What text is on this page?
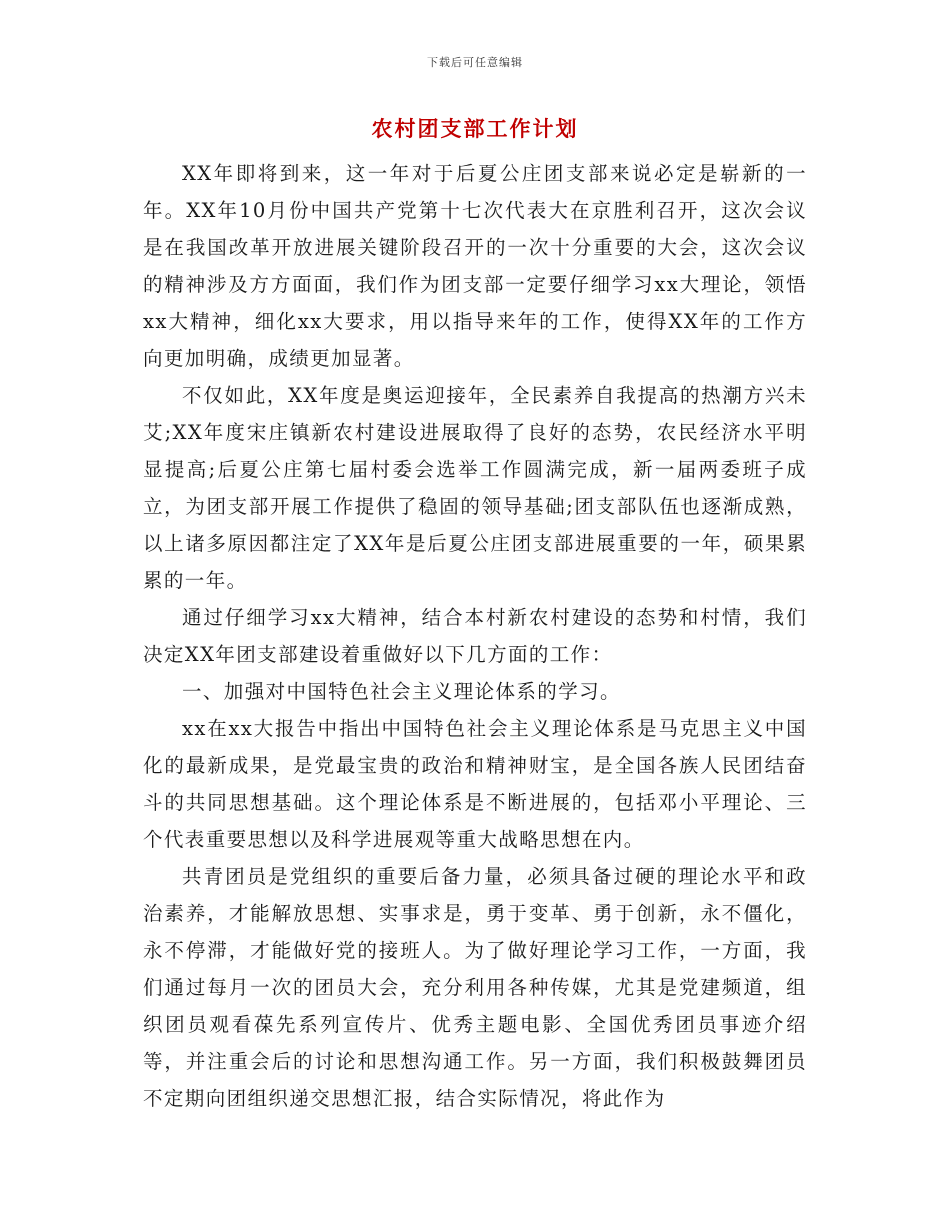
下载后可任意编辑
农村团支部工作计划

XX年即将到来，这一年对于后夏公庄团支部来说必定是崭新的一年。XX年10月份中国共产党第十七次代表大在京胜利召开，这次会议是在我国改革开放进展关键阶段召开的一次十分重要的大会，这次会议的精神涉及方方面面，我们作为团支部一定要仔细学习xx大理论，领悟xx大精神，细化xx大要求，用以指导来年的工作，使得XX年的工作方向更加明确，成绩更加显著。

不仅如此，XX年度是奥运迎接年，全民素养自我提高的热潮方兴未艾;XX年度宋庄镇新农村建设进展取得了良好的态势，农民经济水平明显提高;后夏公庄第七届村委会选举工作圆满完成，新一届两委班子成立，为团支部开展工作提供了稳固的领导基础;团支部队伍也逐渐成熟，以上诸多原因都注定了XX年是后夏公庄团支部进展重要的一年，硕果累累的一年。

通过仔细学习xx大精神，结合本村新农村建设的态势和村情，我们决定XX年团支部建设着重做好以下几方面的工作：

一、加强对中国特色社会主义理论体系的学习。

xx在xx大报告中指出中国特色社会主义理论体系是马克思主义中国化的最新成果，是党最宝贵的政治和精神财宝，是全国各族人民团结奋斗的共同思想基础。这个理论体系是不断进展的，包括邓小平理论、三个代表重要思想以及科学进展观等重大战略思想在内。

共青团员是党组织的重要后备力量，必须具备过硬的理论水平和政治素养，才能解放思想、实事求是，勇于变革、勇于创新，永不僵化，永不停滞，才能做好党的接班人。为了做好理论学习工作，一方面，我们通过每月一次的团员大会，充分利用各种传媒，尤其是党建频道，组织团员观看葆先系列宣传片、优秀主题电影、全国优秀团员事迹介绍等，并注重会后的讨论和思想沟通工作。另一方面，我们积极鼓舞团员不定期向团组织递交思想汇报，结合实际情况，将此作为
